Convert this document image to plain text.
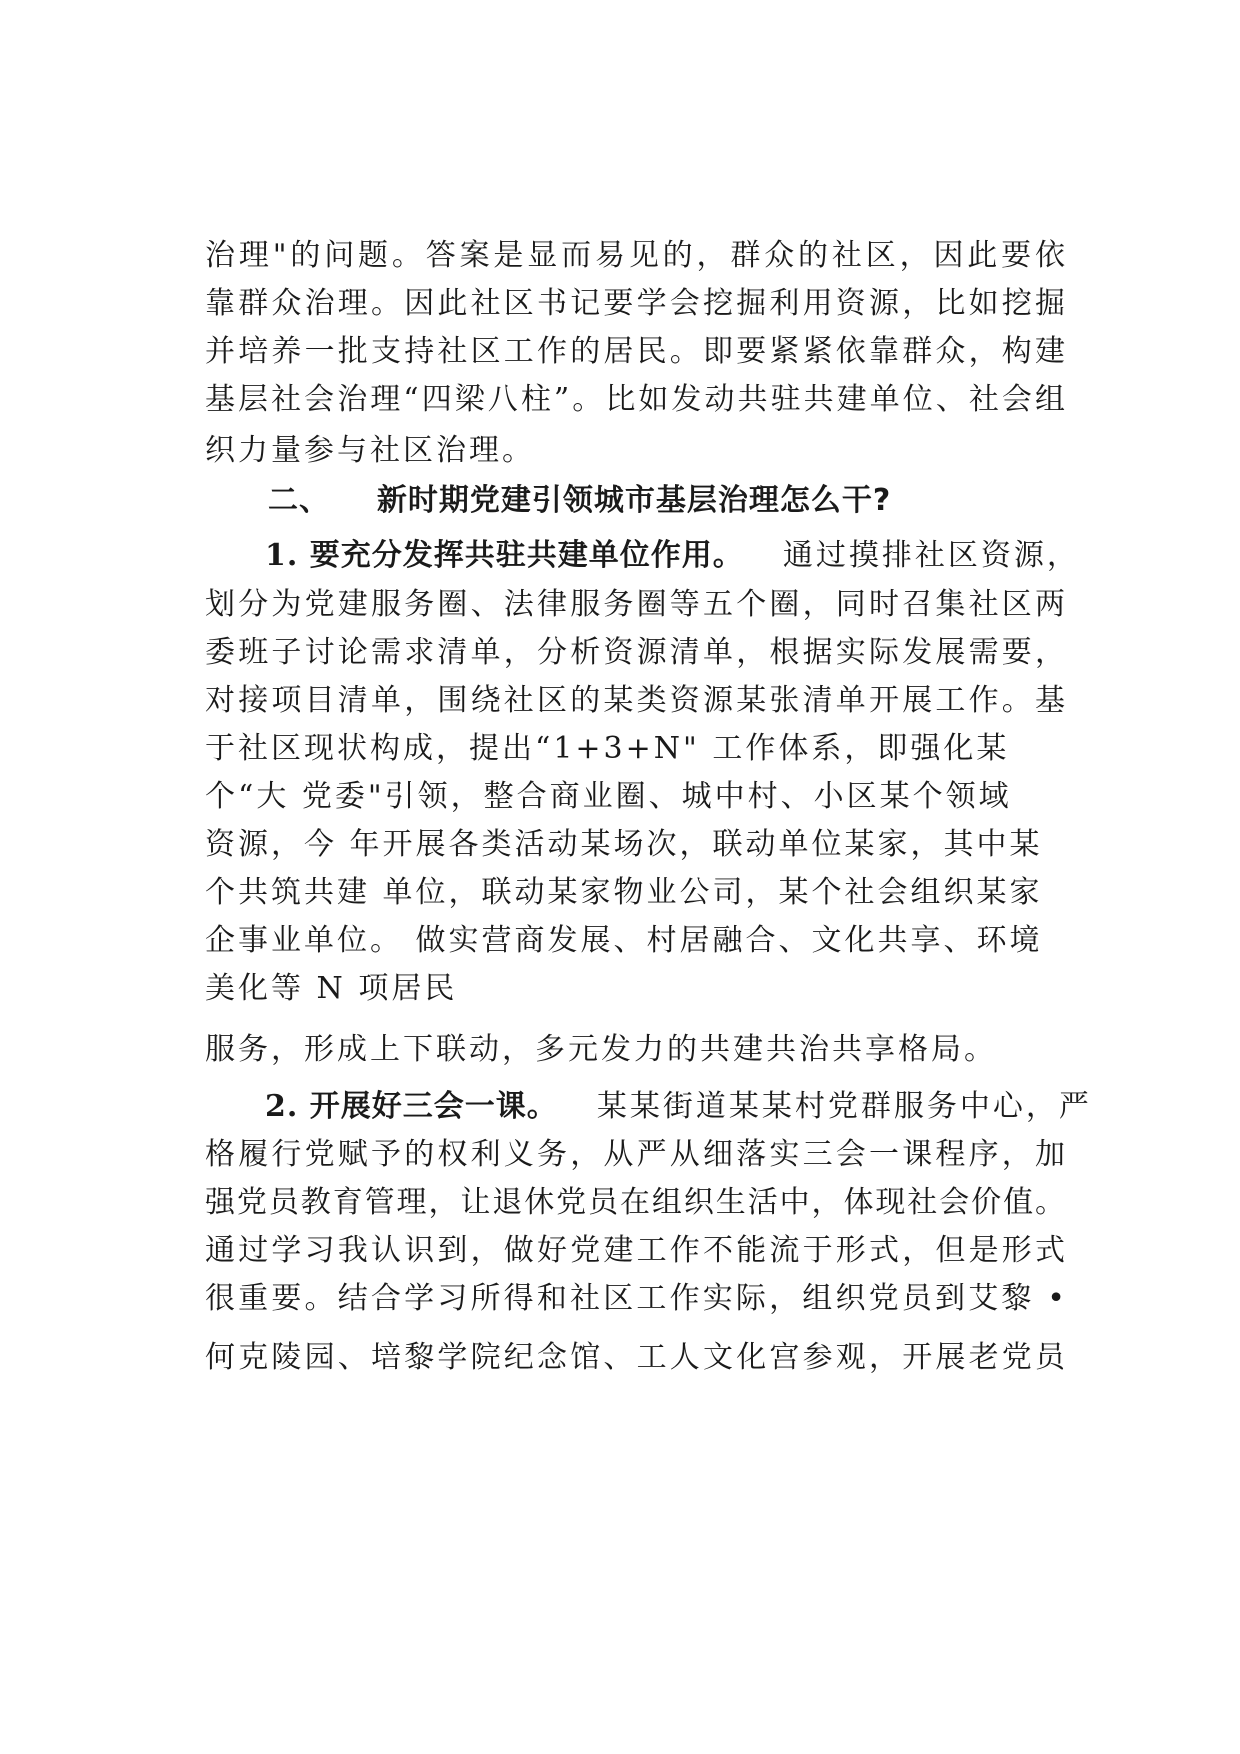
治理"的问题。答案是显而易见的，群众的社区，因此要依
靠群众治理。因此社区书记要学会挖掘利用资源，比如挖掘
并培养一批支持社区工作的居民。即要紧紧依靠群众，构建
基层社会治理“四梁八柱”。比如发动共驻共建单位、社会组
织力量参与社区治理。
二、 新时期党建引领城市基层治理怎么干?
1. 要充分发挥共驻共建单位作用。 通过摸排社区资源，
划分为党建服务圈、法律服务圈等五个圈，同时召集社区两
委班子讨论需求清单，分析资源清单，根据实际发展需要，
对接项目清单，围绕社区的某类资源某张清单开展工作。基
于社区现状构成，提出“1+3+N" 工作体系，即强化某
个“大 党委"引领，整合商业圈、城中村、小区某个领域
资源，今 年开展各类活动某场次，联动单位某家，其中某
个共筑共建 单位，联动某家物业公司，某个社会组织某家
企事业单位。 做实营商发展、村居融合、文化共享、环境
美化等 N 项居民
服务，形成上下联动，多元发力的共建共治共享格局。
2. 开展好三会一课。 某某街道某某村党群服务中心，严
格履行党赋予的权利义务，从严从细落实三会一课程序，加
强党员教育管理，让退休党员在组织生活中，体现社会价值。
通过学习我认识到，做好党建工作不能流于形式，但是形式
很重要。结合学习所得和社区工作实际，组织党员到艾黎 •
何克陵园、培黎学院纪念馆、工人文化宫参观，开展老党员
